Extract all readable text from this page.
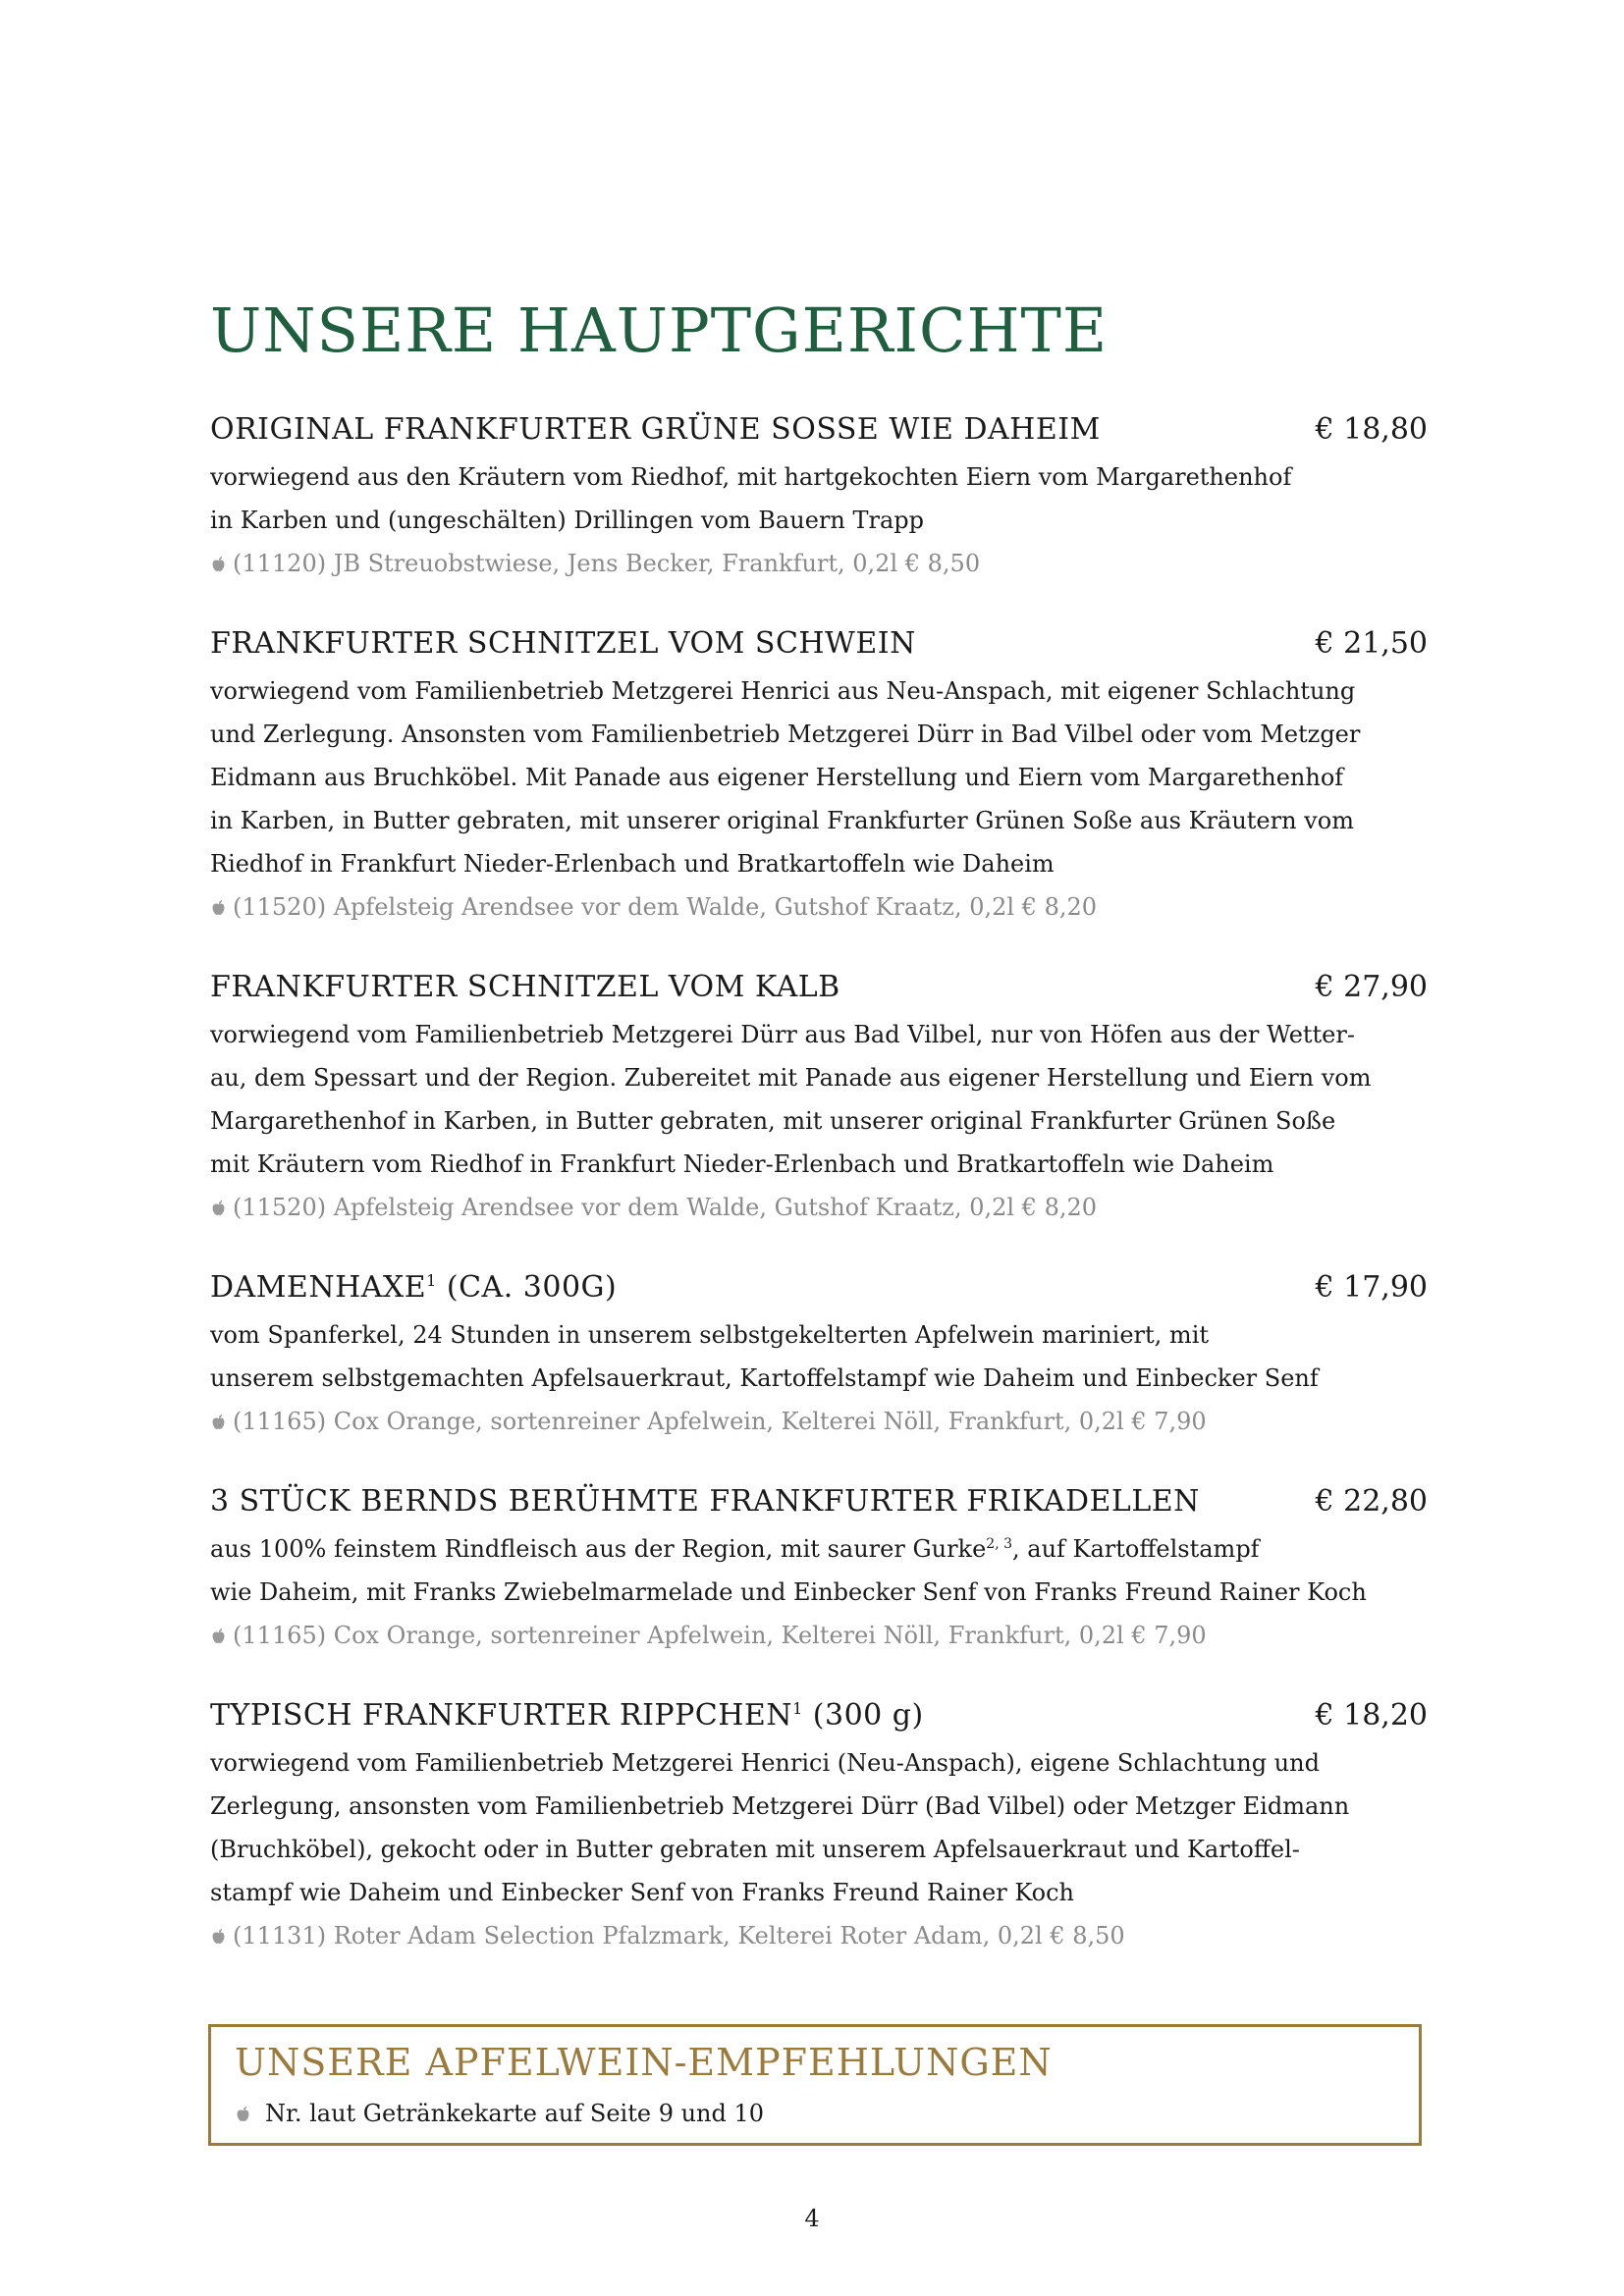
UNSERE HAUPTGERICHTE
ORIGINAL FRANKFURTER GRÜNE SOSSE WIE DAHEIM	€ 18,80
vorwiegend aus den Kräutern vom Riedhof, mit hartgekochten Eiern vom Margarethenhof
in Karben und (ungeschälten) Drillingen vom Bauern Trapp
(11120) JB Streuobstwiese, Jens Becker, Frankfurt, 0,2l € 8,50
FRANKFURTER SCHNITZEL VOM SCHWEIN	€ 21,50
vorwiegend vom Familienbetrieb Metzgerei Henrici aus Neu-Anspach, mit eigener Schlachtung
und Zerlegung. Ansonsten vom Familienbetrieb Metzgerei Dürr in Bad Vilbel oder vom Metzger
Eidmann aus Bruchköbel. Mit Panade aus eigener Herstellung und Eiern vom Margarethenhof
in Karben, in Butter gebraten, mit unserer original Frankfurter Grünen Soße aus Kräutern vom
Riedhof in Frankfurt Nieder-Erlenbach und Bratkartoffeln wie Daheim
(11520) Apfelsteig Arendsee vor dem Walde, Gutshof Kraatz, 0,2l € 8,20
FRANKFURTER SCHNITZEL VOM KALB	€ 27,90
vorwiegend vom Familienbetrieb Metzgerei Dürr aus Bad Vilbel, nur von Höfen aus der Wetter-
au, dem Spessart und der Region. Zubereitet mit Panade aus eigener Herstellung und Eiern vom
Margarethenhof in Karben, in Butter gebraten, mit unserer original Frankfurter Grünen Soße
mit Kräutern vom Riedhof in Frankfurt Nieder-Erlenbach und Bratkartoffeln wie Daheim
(11520) Apfelsteig Arendsee vor dem Walde, Gutshof Kraatz, 0,2l € 8,20
DAMENHAXE$^1$ (CA. 300G)	€ 17,90
vom Spanferkel, 24 Stunden in unserem selbstgekelterten Apfelwein mariniert, mit
unserem selbstgemachten Apfelsauerkraut, Kartoffelstampf wie Daheim und Einbecker Senf
(11165) Cox Orange, sortenreiner Apfelwein, Kelterei Nöll, Frankfurt, 0,2l € 7,90
3 STÜCK BERNDS BERÜHMTE FRANKFURTER FRIKADELLEN	€ 22,80
aus 100% feinstem Rindfleisch aus der Region, mit saurer Gurke$^{2, 3}$, auf Kartoffelstampf
wie Daheim, mit Franks Zwiebelmarmelade und Einbecker Senf von Franks Freund Rainer Koch
(11165) Cox Orange, sortenreiner Apfelwein, Kelterei Nöll, Frankfurt, 0,2l € 7,90
TYPISCH FRANKFURTER RIPPCHEN$^1$ (300 g)	€ 18,20
vorwiegend vom Familienbetrieb Metzgerei Henrici (Neu-Anspach), eigene Schlachtung und
Zerlegung, ansonsten vom Familienbetrieb Metzgerei Dürr (Bad Vilbel) oder Metzger Eidmann
(Bruchköbel), gekocht oder in Butter gebraten mit unserem Apfelsauerkraut und Kartoffel-
stampf wie Daheim und Einbecker Senf von Franks Freund Rainer Koch
(11131) Roter Adam Selection Pfalzmark, Kelterei Roter Adam, 0,2l € 8,50
UNSERE APFELWEIN-EMPFEHLUNGEN
Nr. laut Getränkekarte auf Seite 9 und 10
4
